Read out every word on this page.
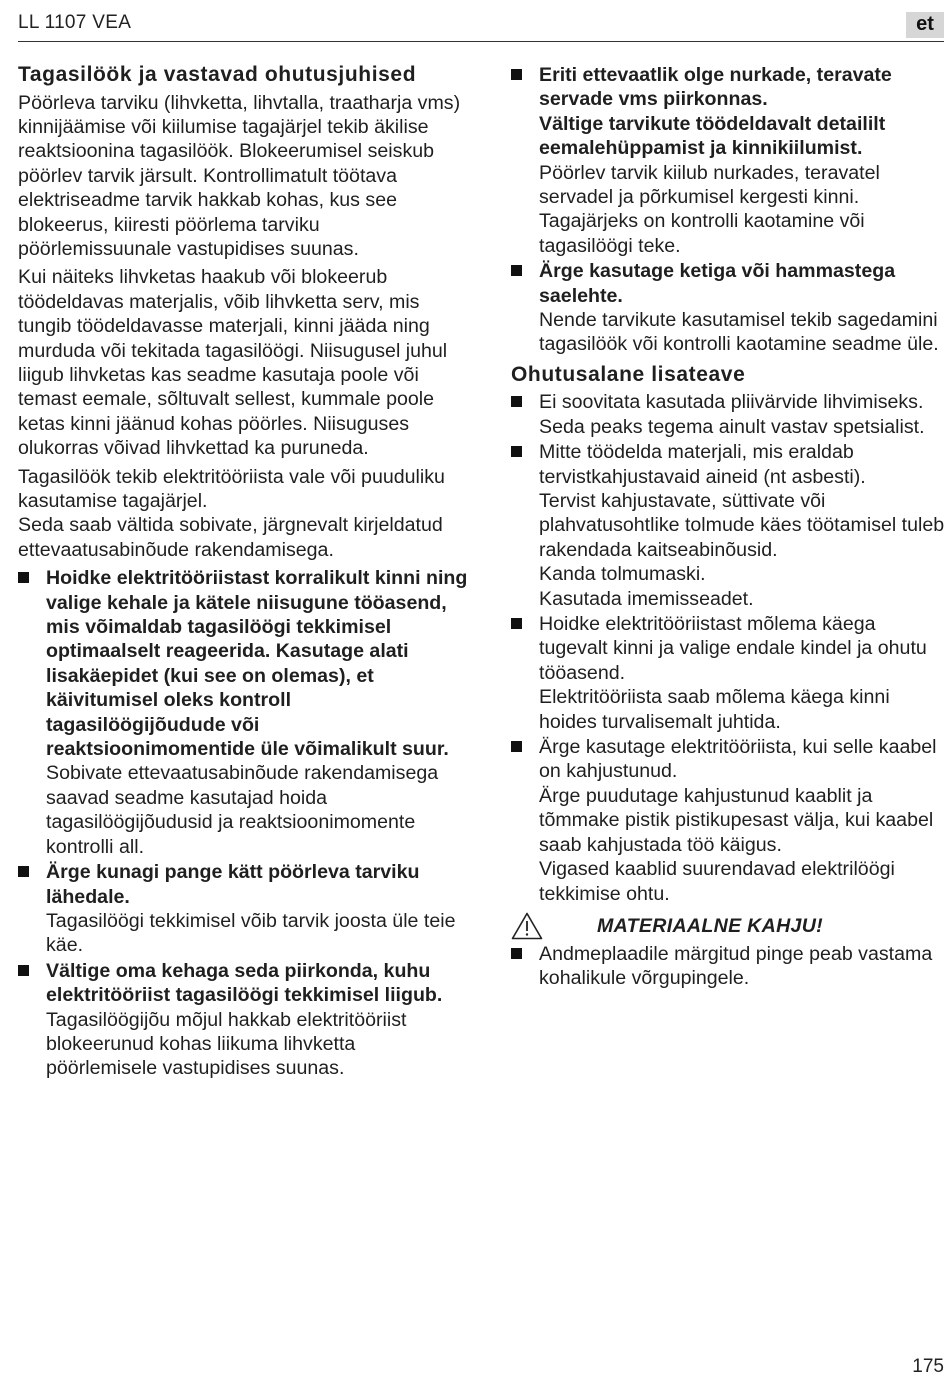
LL 1107 VEA	et
Tagasilöök ja vastavad ohutusjuhised
Pöörleva tarviku (lihvketta, lihvtalla, traatharja vms) kinnijäämise või kiilumise tagajärjel tekib äkilise reaktsioonina tagasilöök. Blokeerumisel seiskub pöörlev tarvik järsult. Kontrollimatult töötava elektriseadme tarvik hakkab kohas, kus see blokeerus, kiiresti pöörlema tarviku pöörlemissuunale vastupidises suunas.
Kui näiteks lihvketas haakub või blokeerub töödeldavas materjalis, võib lihvketta serv, mis tungib töödeldavasse materjali, kinni jääda ning murduda või tekitada tagasilöögi. Niisugusel juhul liigub lihvketas kas seadme kasutaja poole või temast eemale, sõltuvalt sellest, kummale poole ketas kinni jäänud kohas pöörles. Niisuguses olukorras võivad lihvkettad ka puruneda.
Tagasilöök tekib elektritööriista vale või puuduliku kasutamise tagajärjel.
Seda saab vältida sobivate, järgnevalt kirjeldatud ettevaatusabinõude rakendamisega.
Hoidke elektritööriistast korralikult kinni ning valige kehale ja kätele niisugune tööasend, mis võimaldab tagasilöögi tekkimisel optimaalselt reageerida. Kasutage alati lisakäepidet (kui see on olemas), et käivitumisel oleks kontroll tagasilöögijõudude või reaktsioonimomentide üle võimalikult suur.
Sobivate ettevaatusabinõude rakendamisega saavad seadme kasutajad hoida tagasilöögijõudusid ja reaktsioonimomente kontrolli all.
Ärge kunagi pange kätt pöörleva tarviku lähedale.
Tagasilöögi tekkimisel võib tarvik joosta üle teie käe.
Vältige oma kehaga seda piirkonda, kuhu elektritööriist tagasilöögi tekkimisel liigub.
Tagasilöögijõu mõjul hakkab elektritööriist blokeerunud kohas liikuma lihvketta pöörlemisele vastupidises suunas.
Eriti ettevaatlik olge nurkade, teravate servade vms piirkonnas.
Vältige tarvikute töödeldavalt detaililt eemalehüppamist ja kinnikiilumist.
Pöörlev tarvik kiilub nurkades, teravatel servadel ja põrkumisel kergesti kinni. Tagajärjeks on kontrolli kaotamine või tagasilöögi teke.
Ärge kasutage ketiga või hammastega saelehte.
Nende tarvikute kasutamisel tekib sagedamini tagasilöök või kontrolli kaotamine seadme üle.
Ohutusalane lisateave
Ei soovitata kasutada pliivärvide lihvimiseks. Seda peaks tegema ainult vastav spetsialist.
Mitte töödelda materjali, mis eraldab tervistkahjustavaid aineid (nt asbesti).
Tervist kahjustavate, süttivate või plahvatusohtlike tolmude käes töötamisel tuleb rakendada kaitseabinõusid.
Kanda tolmumaski.
Kasutada imemisseadet.
Hoidke elektritööriistast mõlema käega tugevalt kinni ja valige endale kindel ja ohutu tööasend.
Elektritööriista saab mõlema käega kinni hoides turvalisemalt juhtida.
Ärge kasutage elektritööriista, kui selle kaabel on kahjustunud.
Ärge puudutage kahjustunud kaablit ja tõmmake pistik pistikupesast välja, kui kaabel saab kahjustada töö käigus.
Vigased kaablid suurendavad elektrilöögi tekkimise ohtu.
MATERIAALNE KAHJU!
Andmeplaadile märgitud pinge peab vastama kohalikule võrgupingele.
175
